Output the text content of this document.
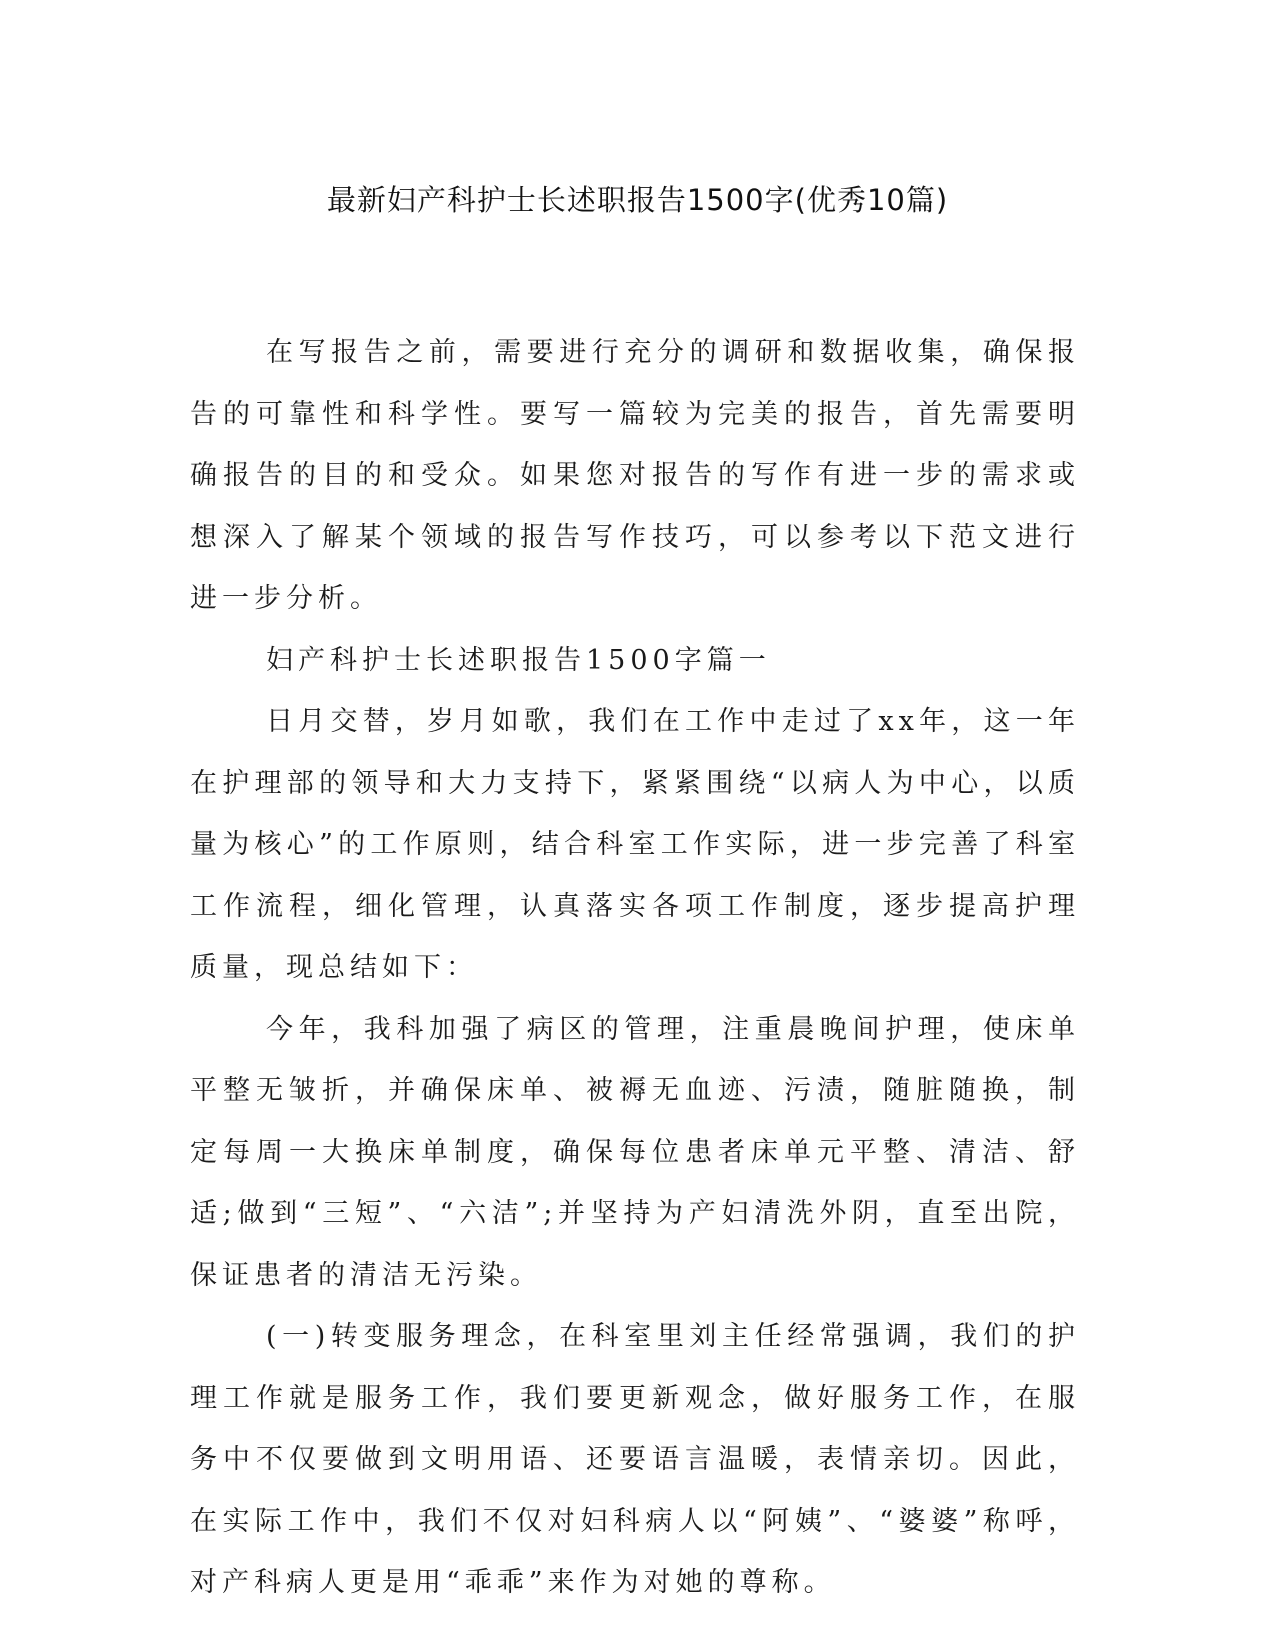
最新妇产科护士长述职报告1500字(优秀10篇)

在写报告之前，需要进行充分的调研和数据收集，确保报告的可靠性和科学性。要写一篇较为完美的报告，首先需要明确报告的目的和受众。如果您对报告的写作有进一步的需求或想深入了解某个领域的报告写作技巧，可以参考以下范文进行进一步分析。

妇产科护士长述职报告1500字篇一

日月交替，岁月如歌，我们在工作中走过了xx年，这一年在护理部的领导和大力支持下，紧紧围绕“以病人为中心，以质量为核心”的工作原则，结合科室工作实际，进一步完善了科室工作流程，细化管理，认真落实各项工作制度，逐步提高护理质量，现总结如下：

今年，我科加强了病区的管理，注重晨晚间护理，使床单平整无皱折，并确保床单、被褥无血迹、污渍，随脏随换，制定每周一大换床单制度，确保每位患者床单元平整、清洁、舒适;做到“三短”、“六洁”;并坚持为产妇清洗外阴，直至出院，保证患者的清洁无污染。

(一)转变服务理念，在科室里刘主任经常强调，我们的护理工作就是服务工作，我们要更新观念，做好服务工作，在服务中不仅要做到文明用语、还要语言温暖，表情亲切。因此，在实际工作中，我们不仅对妇科病人以“阿姨”、“婆婆”称呼，对产科病人更是用“乖乖”来作为对她的尊称。
